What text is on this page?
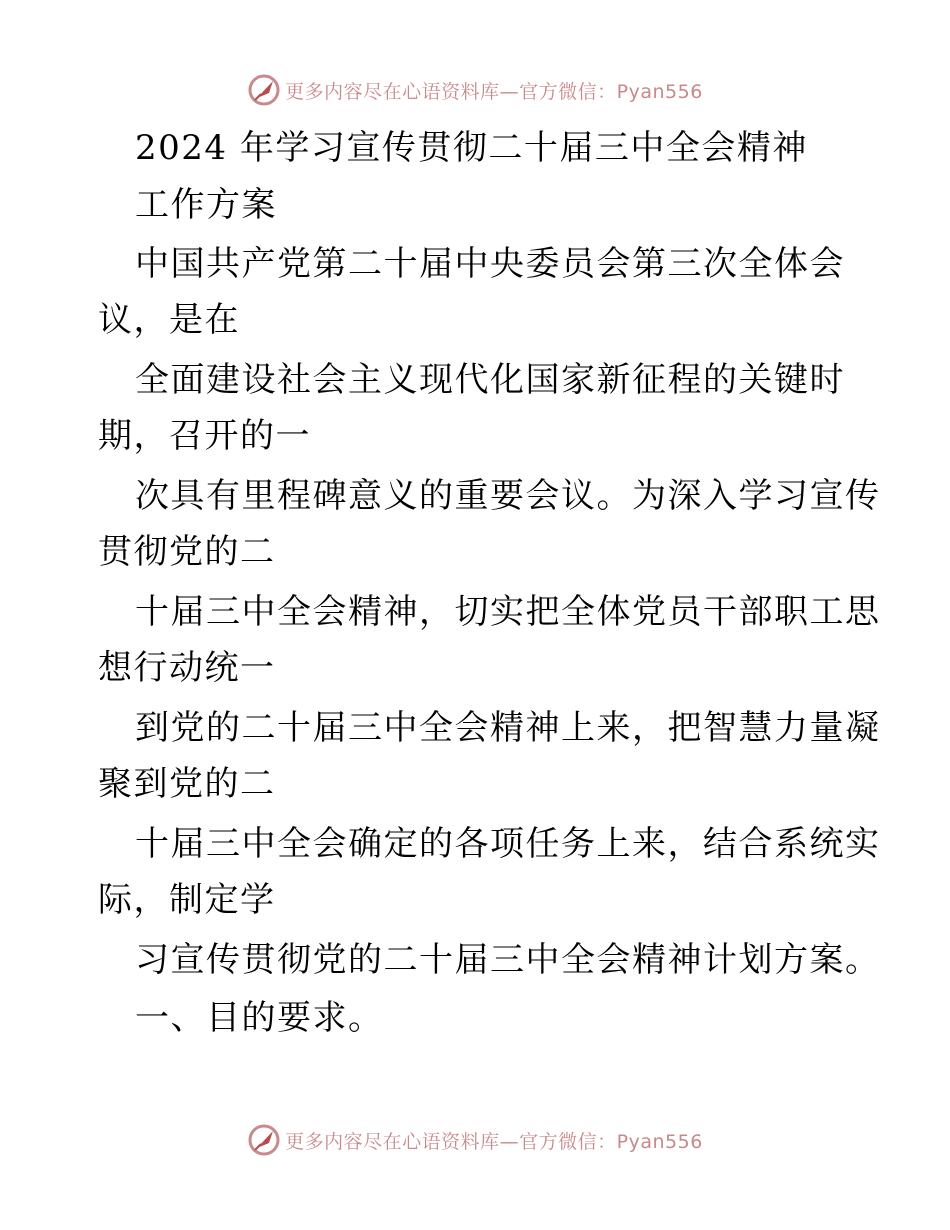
更多内容尽在心语资料库—官方微信：Pyan556
2024 年学习宣传贯彻二十届三中全会精神
工作方案
中国共产党第二十届中央委员会第三次全体会
议，是在
全面建设社会主义现代化国家新征程的关键时
期，召开的一
次具有里程碑意义的重要会议。为深入学习宣传
贯彻党的二
十届三中全会精神，切实把全体党员干部职工思
想行动统一
到党的二十届三中全会精神上来，把智慧力量凝
聚到党的二
十届三中全会确定的各项任务上来，结合系统实
际，制定学
习宣传贯彻党的二十届三中全会精神计划方案。
一、目的要求。
更多内容尽在心语资料库—官方微信：Pyan556
